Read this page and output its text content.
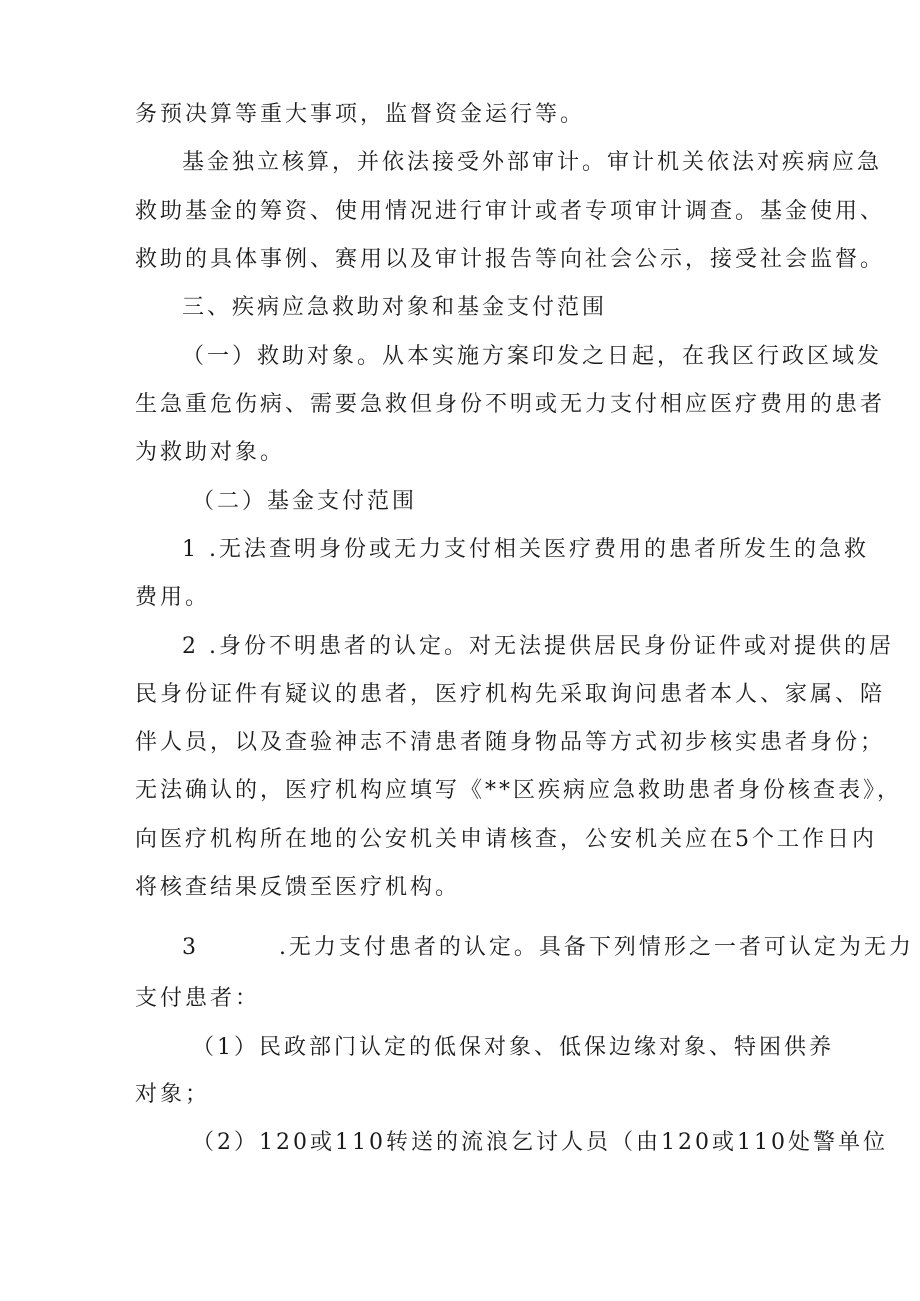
务预决算等重大事项，监督资金运行等。
基金独立核算，并依法接受外部审计。审计机关依法对疾病应急
救助基金的筹资、使用情况进行审计或者专项审计调查。基金使用、
救助的具体事例、赛用以及审计报告等向社会公示，接受社会监督。
三、疾病应急救助对象和基金支付范围
（一）救助对象。从本实施方案印发之日起，在我区行政区域发
生急重危伤病、需要急救但身份不明或无力支付相应医疗费用的患者
为救助对象。
（二）基金支付范围
1 .无法查明身份或无力支付相关医疗费用的患者所发生的急救
费用。
2 .身份不明患者的认定。对无法提供居民身份证件或对提供的居
民身份证件有疑议的患者，医疗机构先采取询问患者本人、家属、陪
伴人员，以及查验神志不清患者随身物品等方式初步核实患者身份；
无法确认的，医疗机构应填写《**区疾病应急救助患者身份核查表》，
向医疗机构所在地的公安机关申请核查，公安机关应在5个工作日内
将核查结果反馈至医疗机构。
3        .无力支付患者的认定。具备下列情形之一者可认定为无力
支付患者：
（1）民政部门认定的低保对象、低保边缘对象、特困供养
对象；
（2）120或110转送的流浪乞讨人员（由120或110处警单位
